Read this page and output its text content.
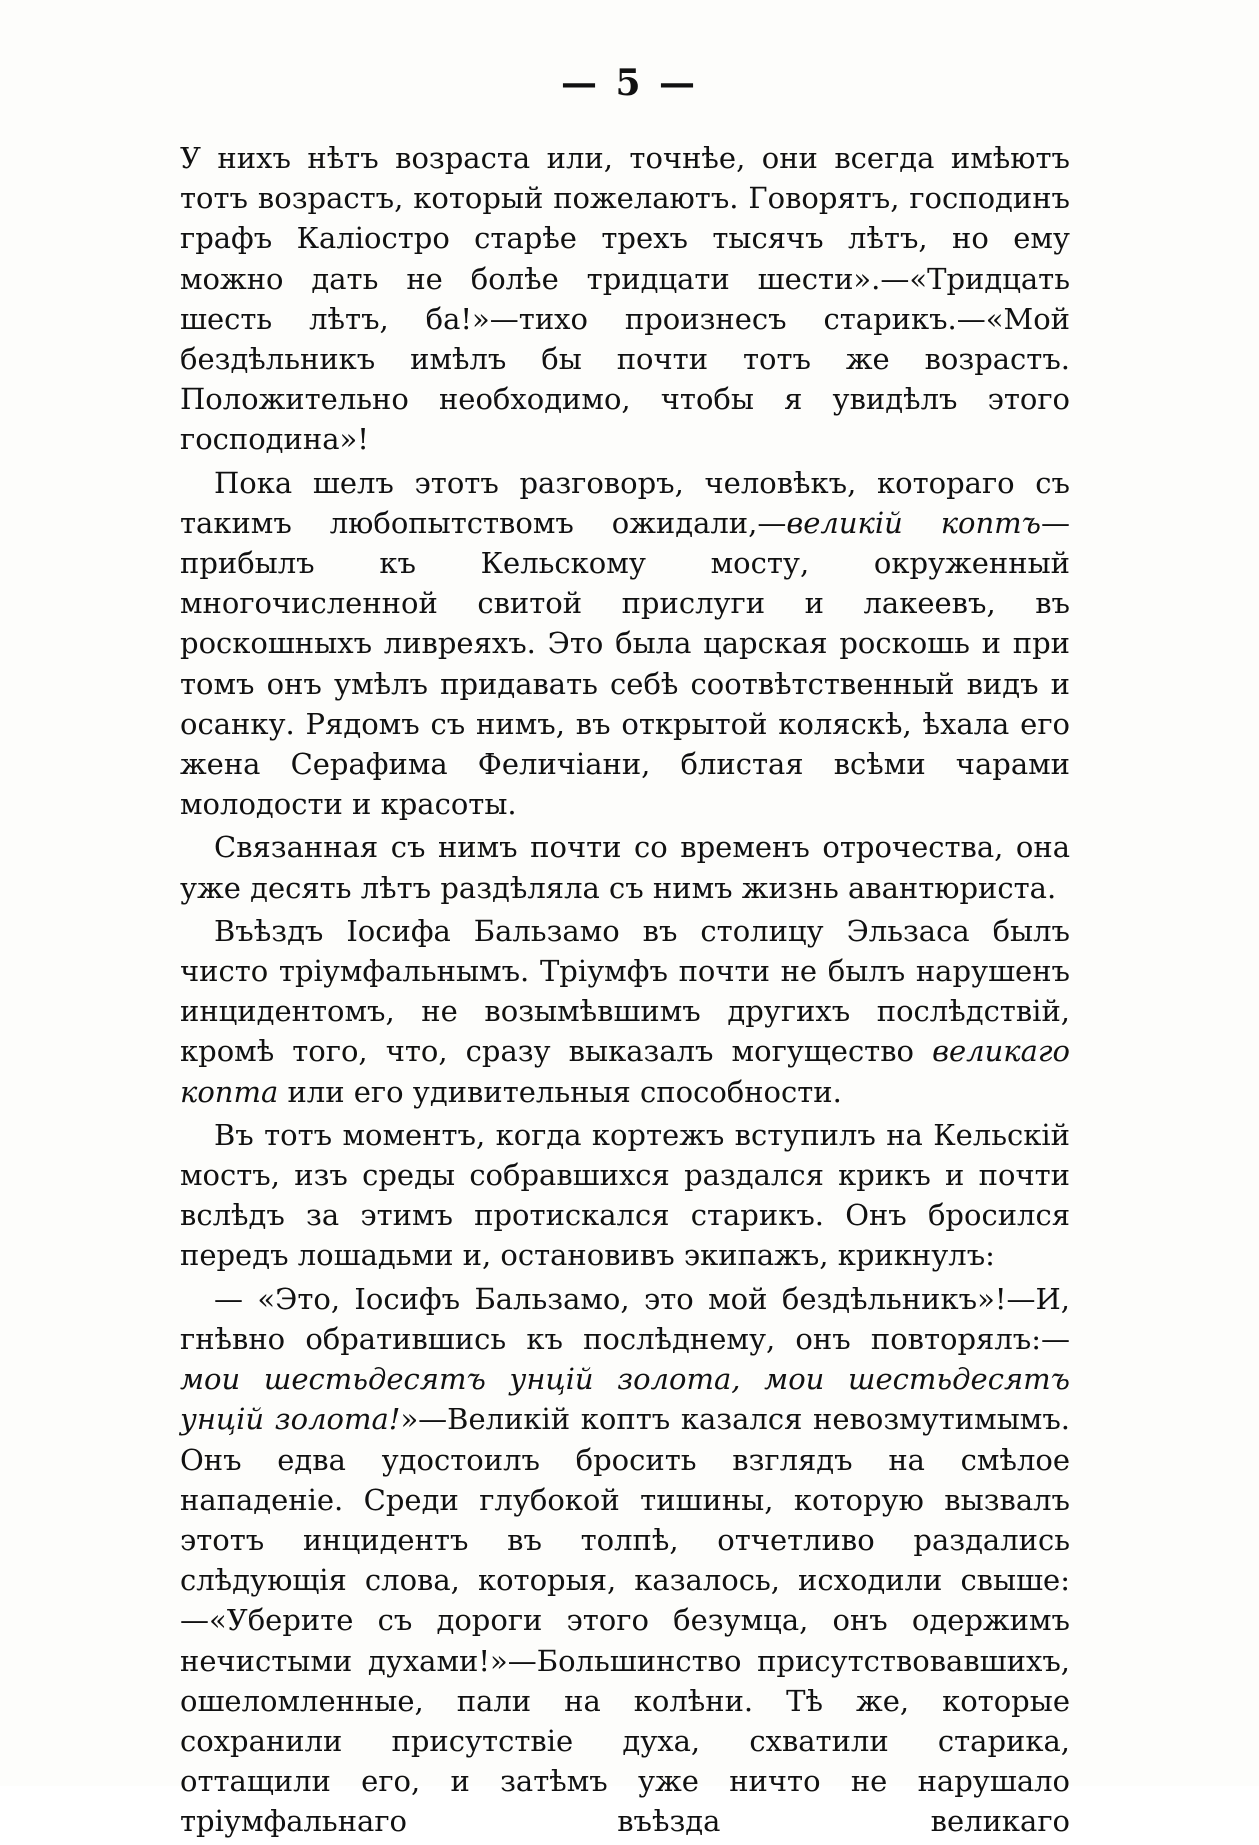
— 5 —

У нихъ нѣтъ возраста или, точнѣе, они всегда имѣютъ тотъ возрастъ, который пожелаютъ. Говорятъ, господинъ графъ Каліостро старѣе трехъ тысячъ лѣтъ, но ему можно дать не болѣе тридцати шести».—«Тридцать шесть лѣтъ, ба!»—тихо произнесъ старикъ.—«Мой бездѣльникъ имѣлъ бы почти тотъ же возрастъ. Положительно необходимо, чтобы я увидѣлъ этого господина»!

Пока шелъ этотъ разговоръ, человѣкъ, котораго съ такимъ любопытствомъ ожидали,—великій коптъ—прибылъ къ Кельскому мосту, окруженный многочисленной свитой прислуги и лакеевъ, въ роскошныхъ ливреяхъ. Это была царская роскошь и при томъ онъ умѣлъ придавать себѣ соотвѣтственный видъ и осанку. Рядомъ съ нимъ, въ открытой коляскѣ, ѣхала его жена Серафима Феличіани, блистая всѣми чарами молодости и красоты.

Связанная съ нимъ почти со временъ отрочества, она уже десять лѣтъ раздѣляла съ нимъ жизнь авантюриста.

Въѣздъ Іосифа Бальзамо въ столицу Эльзаса былъ чисто тріумфальнымъ. Тріумфъ почти не былъ нарушенъ инцидентомъ, не возымѣвшимъ другихъ послѣдствій, кромѣ того, что, сразу выказалъ могущество великаго копта или его удивительныя способности.

Въ тотъ моментъ, когда кортежъ вступилъ на Кельскій мостъ, изъ среды собравшихся раздался крикъ и почти вслѣдъ за этимъ протискался старикъ. Онъ бросился передъ лошадьми и, остановивъ экипажъ, крикнулъ:

— «Это, Іосифъ Бальзамо, это мой бездѣльникъ»!—И, гнѣвно обратившись къ послѣднему, онъ повторялъ:—мои шестьдесятъ унцій золота, мои шестьдесятъ унцій золота!»—Великій коптъ казался невозмутимымъ. Онъ едва удостоилъ бросить взглядъ на смѣлое нападеніе. Среди глубокой тишины, которую вызвалъ этотъ инцидентъ въ толпѣ, отчетливо раздались слѣдующія слова, которыя, казалось, исходили свыше:—«Уберите съ дороги этого безумца, онъ одержимъ нечистыми духами!»—Большинство присутствовавшихъ, ошеломленные, пали на колѣни. Тѣ же, которые сохранили присутствіе духа, схватили старика, оттащили его, и затѣмъ уже ничто не нарушало тріумфальнаго въѣзда великаго
